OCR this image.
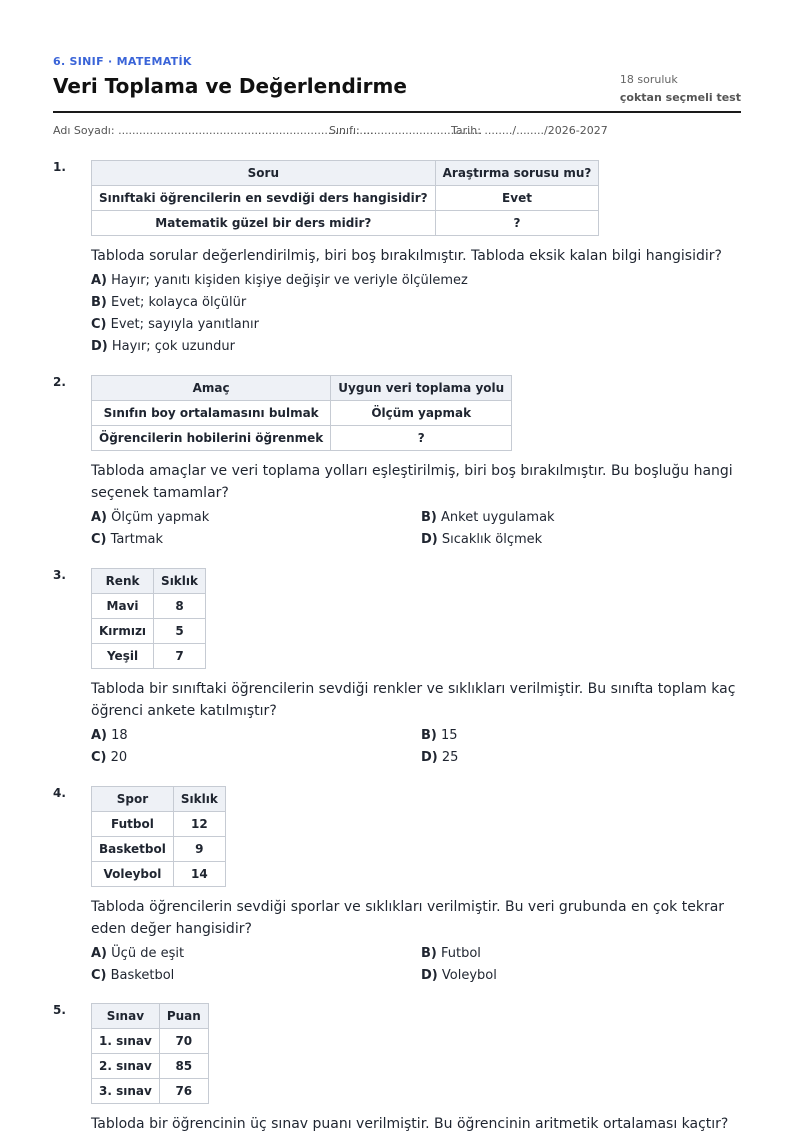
6. SINIF · MATEMATİK
Veri Toplama ve Değerlendirme	18 soruluk
çoktan seçmeli test
Adı Soyadı: .........................................................................
Sınıfı: ..................................
Tarih: ......../......../2026-2027
1.	Soru	Araştırma sorusu mu?
Sınıftaki öğrencilerin en sevdiği ders hangisidir?	Evet
Matematik güzel bir ders midir?	?
Tabloda sorular değerlendirilmiş, biri boş bırakılmıştır. Tabloda eksik kalan bilgi hangisidir?
A) Hayır; yanıtı kişiden kişiye değişir ve veriyle ölçülemez
B) Evet; kolayca ölçülür
C) Evet; sayıyla yanıtlanır
D) Hayır; çok uzundur
2.	Amaç	Uygun veri toplama yolu
Sınıfın boy ortalamasını bulmak	Ölçüm yapmak
Öğrencilerin hobilerini öğrenmek	?
Tabloda amaçlar ve veri toplama yolları eşleştirilmiş, biri boş bırakılmıştır. Bu boşluğu hangi seçenek tamamlar?
A) Ölçüm yapmak	B) Anket uygulamak
C) Tartmak	D) Sıcaklık ölçmek
3.	Renk	Sıklık
Mavi	8
Kırmızı	5
Yeşil	7
Tabloda bir sınıftaki öğrencilerin sevdiği renkler ve sıklıkları verilmiştir. Bu sınıfta toplam kaç öğrenci ankete katılmıştır?
A) 18	B) 15
C) 20	D) 25
4.	Spor	Sıklık
Futbol	12
Basketbol	9
Voleybol	14
Tabloda öğrencilerin sevdiği sporlar ve sıklıkları verilmiştir. Bu veri grubunda en çok tekrar eden değer hangisidir?
A) Üçü de eşit	B) Futbol
C) Basketbol	D) Voleybol
5.	Sınav	Puan
1. sınav	70
2. sınav	85
3. sınav	76
Tabloda bir öğrencinin üç sınav puanı verilmiştir. Bu öğrencinin aritmetik ortalaması kaçtır?
